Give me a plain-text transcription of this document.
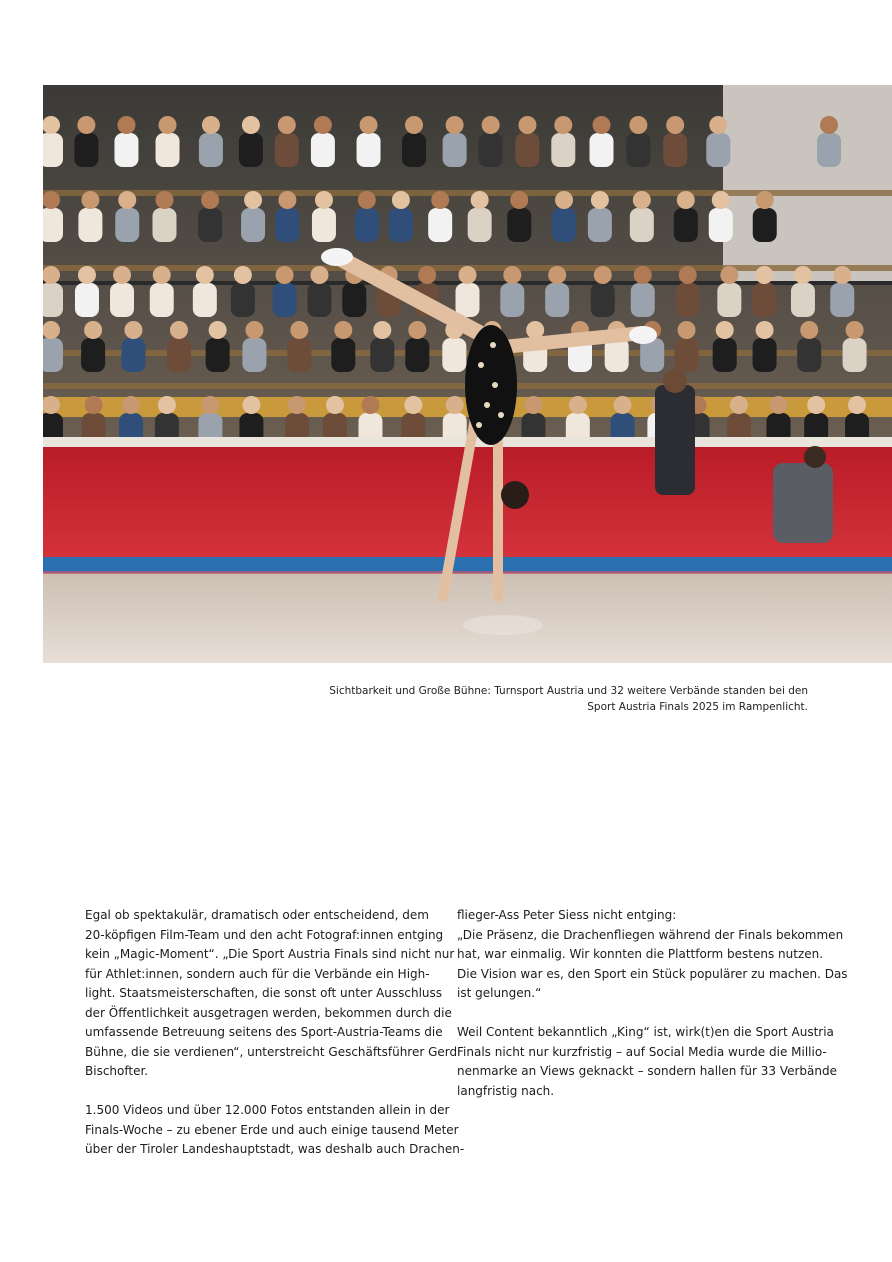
Sichtbarkeit und Große Bühne: Turnsport Austria und 32 weitere Verbände standen bei den
Sport Austria Finals 2025 im Rampenlicht.
Egal ob spektakulär, dramatisch oder entscheidend, dem
20-köpfigen Film-Team und den acht Fotograf:innen entging
kein „Magic-Moment“. „Die Sport Austria Finals sind nicht nur
für Athlet:innen, sondern auch für die Verbände ein High-
light. Staatsmeisterschaften, die sonst oft unter Ausschluss
der Öffentlichkeit ausgetragen werden, bekommen durch die
umfassende Betreuung seitens des Sport-Austria-Teams die
Bühne, die sie verdienen“, unterstreicht Geschäftsführer Gerd
Bischofter.
1.500 Videos und über 12.000 Fotos entstanden allein in der
Finals-Woche – zu ebener Erde und auch einige tausend Meter
über der Tiroler Landeshauptstadt, was deshalb auch Drachen-
flieger-Ass Peter Siess nicht entging:
„Die Präsenz, die Drachenfliegen während der Finals bekommen
hat, war einmalig. Wir konnten die Plattform bestens nutzen.
Die Vision war es, den Sport ein Stück populärer zu machen. Das
ist gelungen.“
Weil Content bekanntlich „King“ ist, wirk(t)en die Sport Austria
Finals nicht nur kurzfristig – auf Social Media wurde die Millio-
nenmarke an Views geknackt – sondern hallen für 33 Verbände
langfristig nach.
